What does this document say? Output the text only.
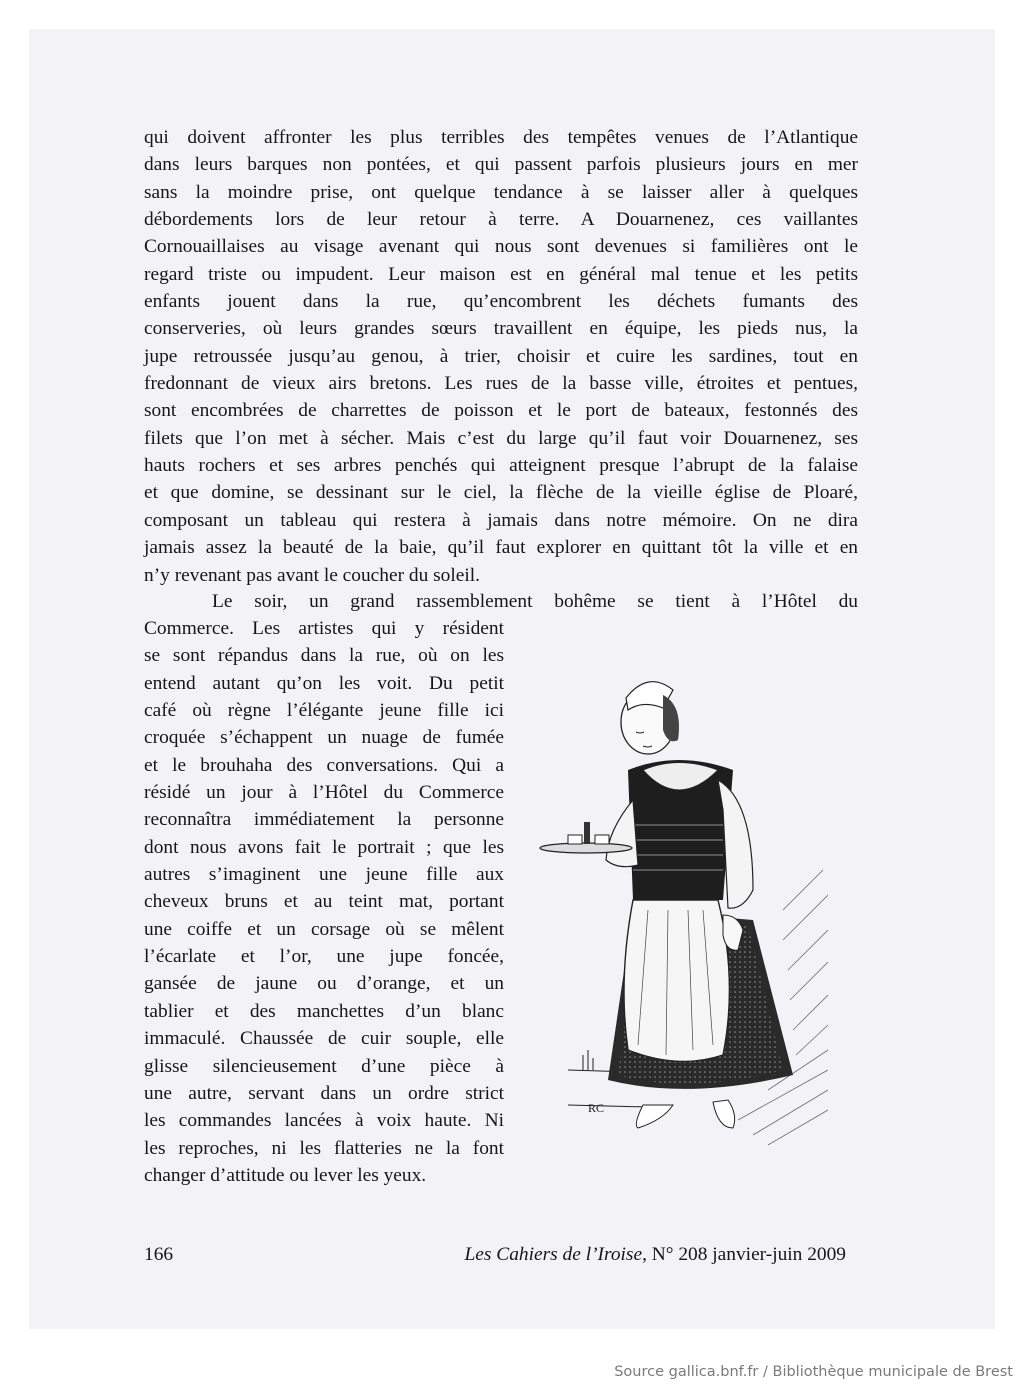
qui doivent affronter les plus terribles des tempêtes venues de l’Atlantique
dans leurs barques non pontées, et qui passent parfois plusieurs jours en mer
sans la moindre prise, ont quelque tendance à se laisser aller à quelques
débordements lors de leur retour à terre. A Douarnenez, ces vaillantes
Cornouaillaises au visage avenant qui nous sont devenues si familières ont le
regard triste ou impudent. Leur maison est en général mal tenue et les petits
enfants jouent dans la rue, qu’encombrent les déchets fumants des
conserveries, où leurs grandes sœurs travaillent en équipe, les pieds nus, la
jupe retroussée jusqu’au genou, à trier, choisir et cuire les sardines, tout en
fredonnant de vieux airs bretons. Les rues de la basse ville, étroites et pentues,
sont encombrées de charrettes de poisson et le port de bateaux, festonnés des
filets que l’on met à sécher. Mais c’est du large qu’il faut voir Douarnenez, ses
hauts rochers et ses arbres penchés qui atteignent presque l’abrupt de la falaise
et que domine, se dessinant sur le ciel, la flèche de la vieille église de Ploaré,
composant un tableau qui restera à jamais dans notre mémoire. On ne dira
jamais assez la beauté de la baie, qu’il faut explorer en quittant tôt la ville et en
n’y revenant pas avant le coucher du soleil.
Le soir, un grand rassemblement bohême se tient à l’Hôtel du
Commerce. Les artistes qui y résident
se sont répandus dans la rue, où on les
entend autant qu’on les voit. Du petit
café où règne l’élégante jeune fille ici
croquée s’échappent un nuage de fumée
et le brouhaha des conversations. Qui a
résidé un jour à l’Hôtel du Commerce
reconnaîtra immédiatement la personne
dont nous avons fait le portrait ; que les
autres s’imaginent une jeune fille aux
cheveux bruns et au teint mat, portant
une coiffe et un corsage où se mêlent
l’écarlate et l’or, une jupe foncée,
gansée de jaune ou d’orange, et un
tablier et des manchettes d’un blanc
immaculé. Chaussée de cuir souple, elle
glisse silencieusement d’une pièce à
une autre, servant dans un ordre strict
les commandes lancées à voix haute. Ni
les reproches, ni les flatteries ne la font
changer d’attitude ou lever les yeux.
RC
166	Les Cahiers de l’Iroise, N° 208 janvier-juin 2009
Source gallica.bnf.fr / Bibliothèque municipale de Brest
